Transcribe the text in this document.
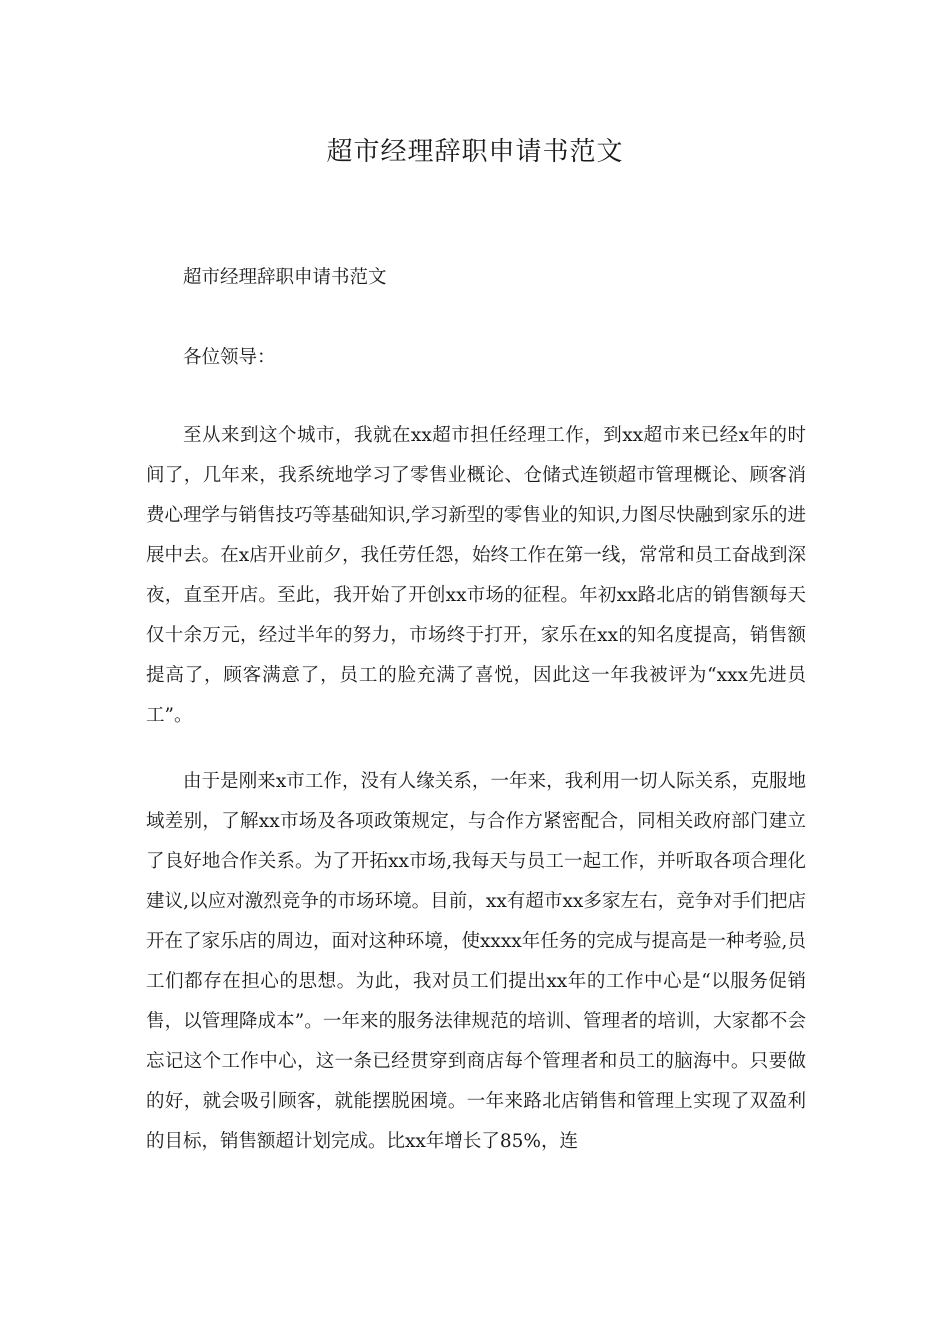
超市经理辞职申请书范文

超市经理辞职申请书范文

各位领导：

至从来到这个城市，我就在xx超市担任经理工作，到xx超市来已经x年的时间了，几年来，我系统地学习了零售业概论、仓储式连锁超市管理概论、顾客消费心理学与销售技巧等基础知识,学习新型的零售业的知识,力图尽快融到家乐的进展中去。在x店开业前夕，我任劳任怨，始终工作在第一线，常常和员工奋战到深夜，直至开店。至此，我开始了开创xx市场的征程。年初xx路北店的销售额每天仅十余万元，经过半年的努力，市场终于打开，家乐在xx的知名度提高，销售额提高了，顾客满意了，员工的脸充满了喜悦，因此这一年我被评为“xxx先进员工”。

由于是刚来x市工作，没有人缘关系，一年来，我利用一切人际关系，克服地域差别，了解xx市场及各项政策规定，与合作方紧密配合，同相关政府部门建立了良好地合作关系。为了开拓xx市场,我每天与员工一起工作，并听取各项合理化建议,以应对激烈竞争的市场环境。目前，xx有超市xx多家左右，竞争对手们把店开在了家乐店的周边，面对这种环境，使xxxx年任务的完成与提高是一种考验,员工们都存在担心的思想。为此，我对员工们提出xx年的工作中心是“以服务促销售，以管理降成本”。一年来的服务法律规范的培训、管理者的培训，大家都不会忘记这个工作中心，这一条已经贯穿到商店每个管理者和员工的脑海中。只要做的好，就会吸引顾客，就能摆脱困境。一年来路北店销售和管理上实现了双盈利的目标，销售额超计划完成。比xx年增长了85%，连
